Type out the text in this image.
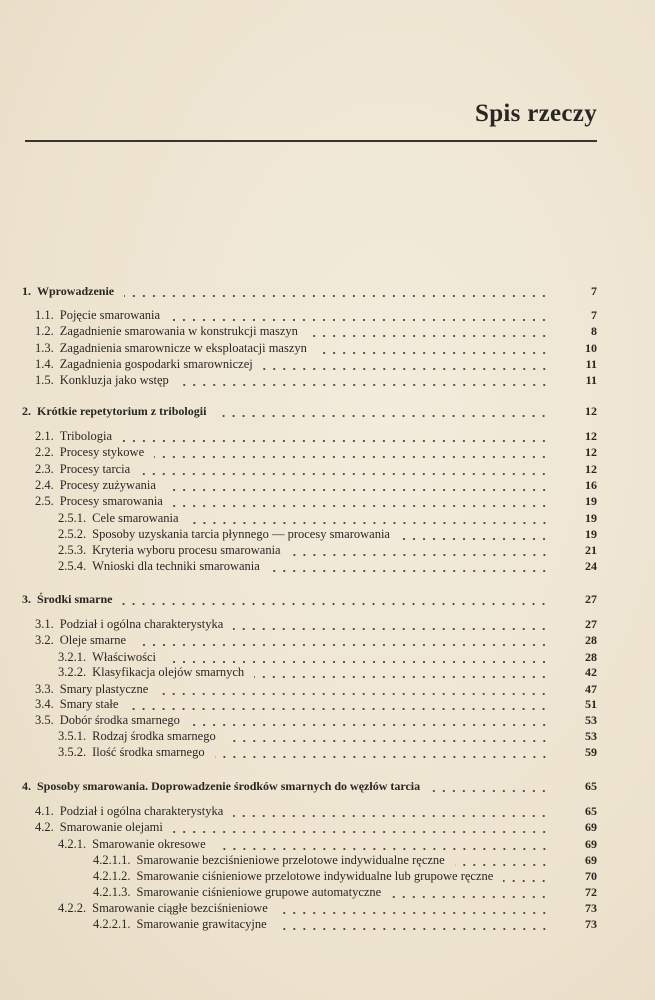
Spis rzeczy
1. Wprowadzenie	7
1.1. Pojęcie smarowania	7
1.2. Zagadnienie smarowania w konstrukcji maszyn	8
1.3. Zagadnienia smarownicze w eksploatacji maszyn	10
1.4. Zagadnienia gospodarki smarowniczej	11
1.5. Konkluzja jako wstęp	11
2. Krótkie repetytorium z tribologii	12
2.1. Tribologia	12
2.2. Procesy stykowe	12
2.3. Procesy tarcia	12
2.4. Procesy zużywania	16
2.5. Procesy smarowania	19
2.5.1. Cele smarowania	19
2.5.2. Sposoby uzyskania tarcia płynnego — procesy smarowania	19
2.5.3. Kryteria wyboru procesu smarowania	21
2.5.4. Wnioski dla techniki smarowania	24
3. Środki smarne	27
3.1. Podział i ogólna charakterystyka	27
3.2. Oleje smarne	28
3.2.1. Właściwości	28
3.2.2. Klasyfikacja olejów smarnych	42
3.3. Smary plastyczne	47
3.4. Smary stałe	51
3.5. Dobór środka smarnego	53
3.5.1. Rodzaj środka smarnego	53
3.5.2. Ilość środka smarnego	59
4. Sposoby smarowania. Doprowadzenie środków smarnych do węzłów tarcia	65
4.1. Podział i ogólna charakterystyka	65
4.2. Smarowanie olejami	69
4.2.1. Smarowanie okresowe	69
4.2.1.1. Smarowanie bezciśnieniowe przelotowe indywidualne ręczne	69
4.2.1.2. Smarowanie ciśnieniowe przelotowe indywidualne lub grupowe ręczne	70
4.2.1.3. Smarowanie ciśnieniowe grupowe automatyczne	72
4.2.2. Smarowanie ciągłe bezciśnieniowe	73
4.2.2.1. Smarowanie grawitacyjne	73
